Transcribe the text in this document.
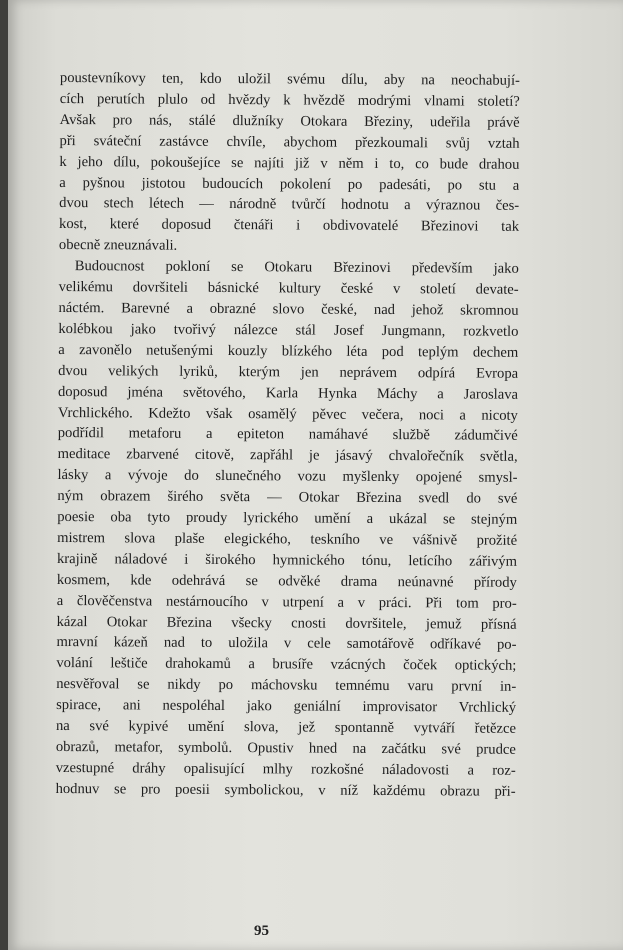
poustevníkovy ten, kdo uložil svému dílu, aby na neochabují-
cích perutích plulo od hvězdy k hvězdě modrými vlnami století?
Avšak pro nás, stálé dlužníky Otokara Březiny, udeřila právě
při sváteční zastávce chvíle, abychom přezkoumali svůj vztah
k jeho dílu, pokoušejíce se najíti již v něm i to, co bude drahou
a pyšnou jistotou budoucích pokolení po padesáti, po stu a
dvou stech létech — národně tvůrčí hodnotu a výraznou čes-
kost, které doposud čtenáři i obdivovatelé Březinovi tak
obecně zneuznávali.
Budoucnost pokloní se Otokaru Březinovi především jako
velikému dovršiteli básnické kultury české v století devate-
náctém. Barevné a obrazné slovo české, nad jehož skromnou
kolébkou jako tvořivý nálezce stál Josef Jungmann, rozkvetlo
a zavonělo netušenými kouzly blízkého léta pod teplým dechem
dvou velikých lyriků, kterým jen neprávem odpírá Evropa
doposud jména světového, Karla Hynka Máchy a Jaroslava
Vrchlického. Kdežto však osamělý pěvec večera, noci a nicoty
podřídil metaforu a epiteton namáhavé službě zádumčivé
meditace zbarvené citově, zapřáhl je jásavý chvalořečník světla,
lásky a vývoje do slunečného vozu myšlenky opojené smysl-
ným obrazem širého světa — Otokar Březina svedl do své
poesie oba tyto proudy lyrického umění a ukázal se stejným
mistrem slova plaše elegického, teskního ve vášnivě prožité
krajině náladové i širokého hymnického tónu, letícího zářivým
kosmem, kde odehrává se odvěké drama neúnavné přírody
a člověčenstva nestárnoucího v utrpení a v práci. Při tom pro-
kázal Otokar Březina všecky cnosti dovršitele, jemuž přísná
mravní kázeň nad to uložila v cele samotářově odříkavé po-
volání leštiče drahokamů a brusíře vzácných čoček optických;
nesvěřoval se nikdy po máchovsku temnému varu první in-
spirace, ani nespoléhal jako geniální improvisator Vrchlický
na své kypivé umění slova, jež spontanně vytváří řetězce
obrazů, metafor, symbolů. Opustiv hned na začátku své prudce
vzestupné dráhy opalisující mlhy rozkošné náladovosti a roz-
hodnuv se pro poesii symbolickou, v níž každému obrazu při-
95
